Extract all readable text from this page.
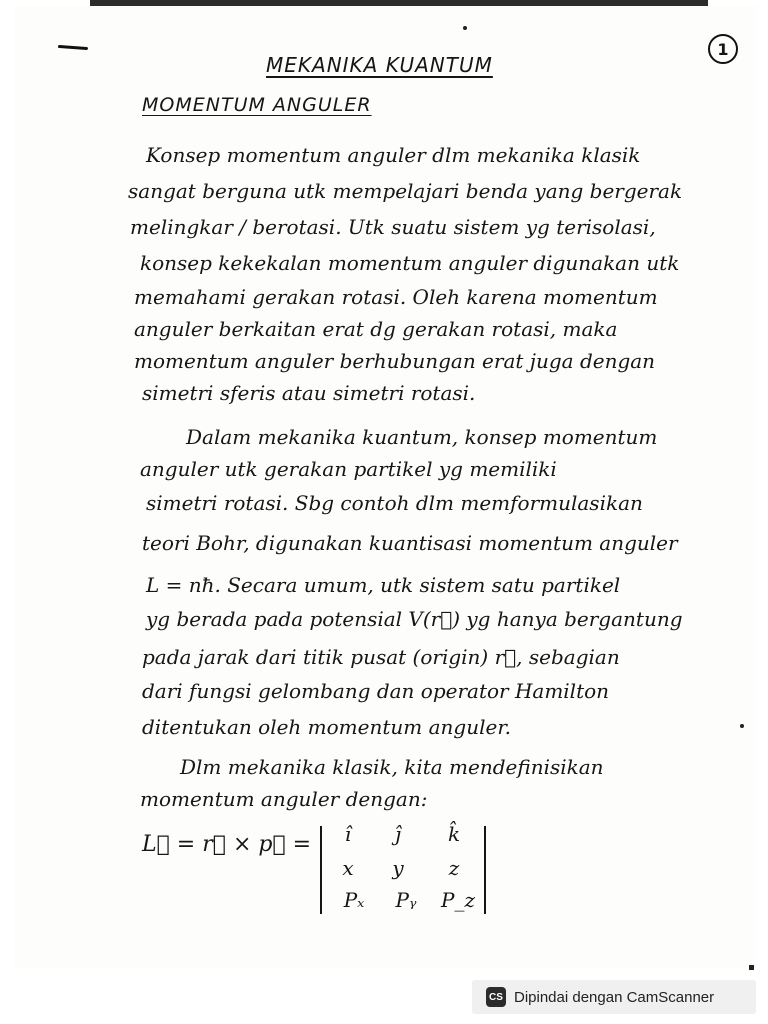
1
MEKANIKA KUANTUM
MOMENTUM ANGULER
Konsep momentum anguler dlm mekanika klasik
sangat berguna utk mempelajari benda yang bergerak
melingkar / berotasi. Utk suatu sistem yg terisolasi,
konsep kekekalan momentum anguler digunakan utk
memahami gerakan rotasi. Oleh karena momentum
anguler berkaitan erat dg gerakan rotasi, maka
momentum anguler berhubungan erat juga dengan
simetri sferis atau simetri rotasi.
Dalam mekanika kuantum, konsep momentum
anguler utk gerakan partikel yg memiliki
simetri rotasi. Sbg contoh dlm memformulasikan
teori Bohr, digunakan kuantisasi momentum anguler
L = nħ. Secara umum, utk sistem satu partikel
yg berada pada potensial V(r⃗) yg hanya bergantung
pada jarak dari titik pusat (origin) r⃗, sebagian
dari fungsi gelombang dan operator Hamilton
ditentukan oleh momentum anguler.
Dlm mekanika klasik, kita mendefinisikan
momentum anguler dengan:
L⃗ = r⃗ × p⃗ =	î	ĵ	k̂
x	y	z
Pₓ	Pᵧ	P_z
CS Dipindai dengan CamScanner
